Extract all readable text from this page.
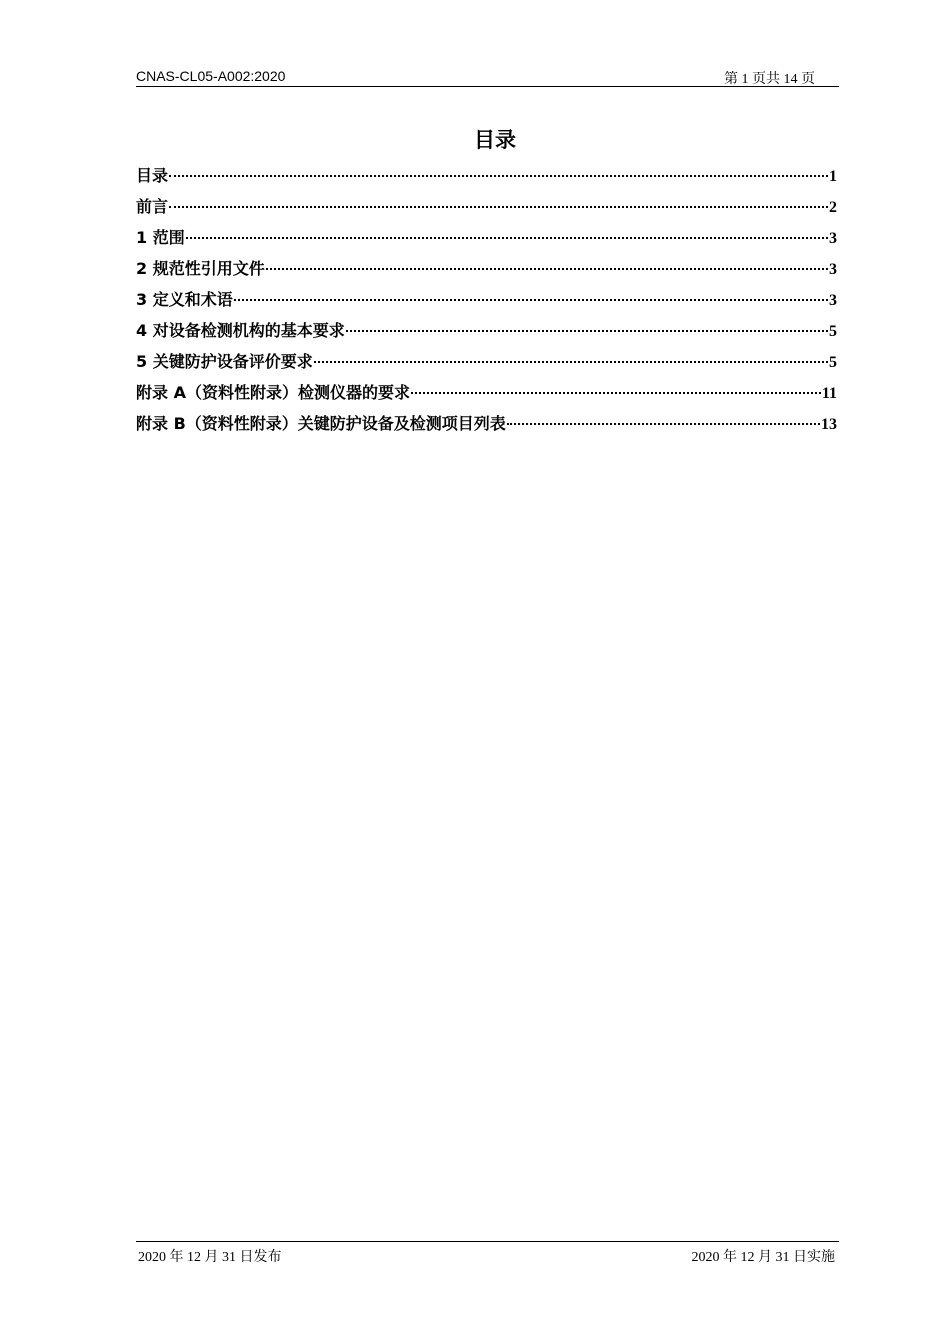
CNAS-CL05-A002:2020	第 1 页共 14 页
目录
目录	1
前言	2
1 范围	3
2 规范性引用文件	3
3 定义和术语	3
4 对设备检测机构的基本要求	5
5 关键防护设备评价要求	5
附录 A（资料性附录）检测仪器的要求	11
附录 B（资料性附录）关键防护设备及检测项目列表	13
2020 年 12 月 31 日发布	2020 年 12 月 31 日实施
